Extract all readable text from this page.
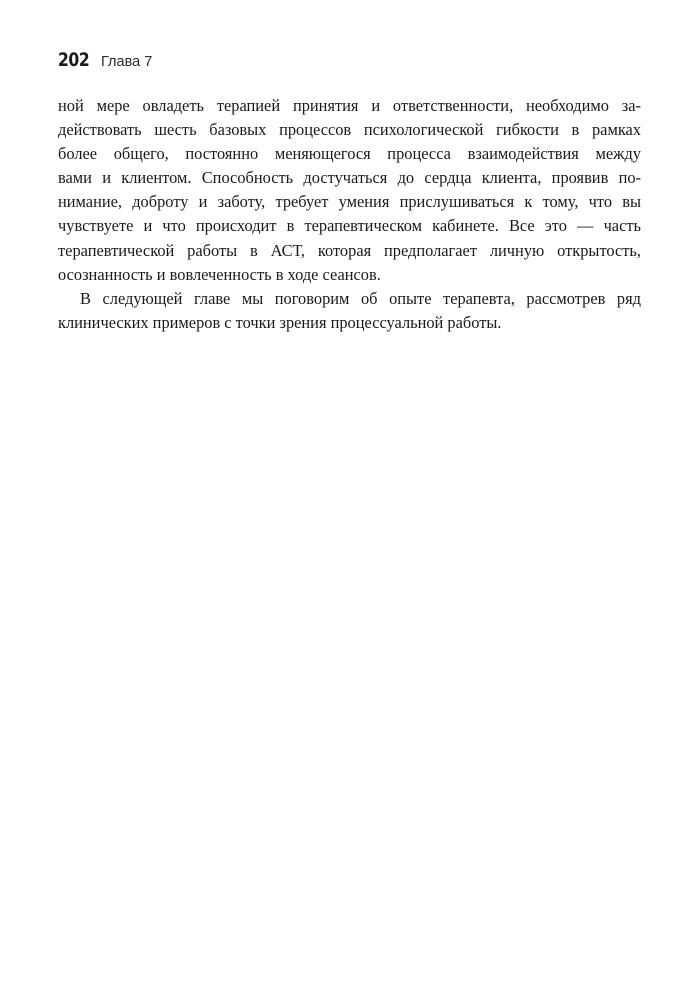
202 Глава 7
ной мере овладеть терапией принятия и ответственности, необходимо за-
действовать шесть базовых процессов психологической гибкости в рамках
более общего, постоянно меняющегося процесса взаимодействия между
вами и клиентом. Способность достучаться до сердца клиента, проявив по-
нимание, доброту и заботу, требует умения прислушиваться к тому, что вы
чувствуете и что происходит в терапевтическом кабинете. Все это — часть
терапевтической работы в АСТ, которая предполагает личную открытость,
осознанность и вовлеченность в ходе сеансов.
В следующей главе мы поговорим об опыте терапевта, рассмотрев ряд
клинических примеров с точки зрения процессуальной работы.
